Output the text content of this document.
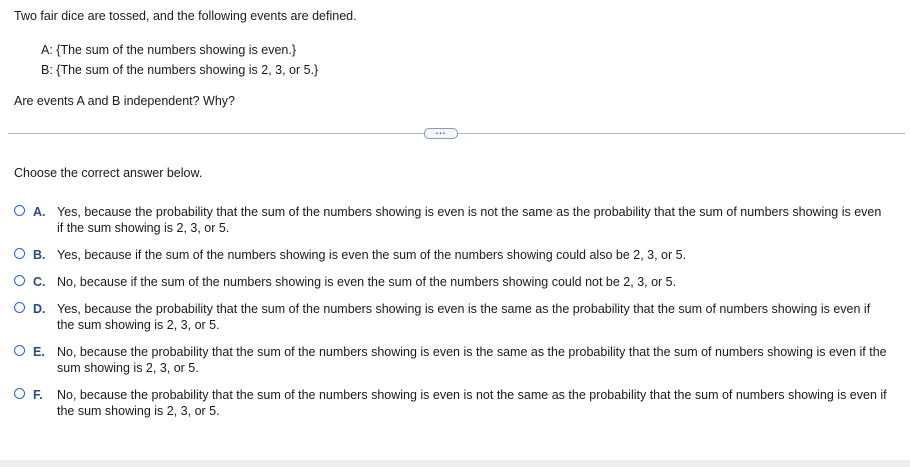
Two fair dice are tossed, and the following events are defined.
A: {The sum of the numbers showing is even.}
B: {The sum of the numbers showing is 2, 3, or 5.}
Are events A and B independent? Why?
...
Choose the correct answer below.
A. Yes, because the probability that the sum of the numbers showing is even is not the same as the probability that the sum of numbers showing is even if the sum showing is 2, 3, or 5.
B. Yes, because if the sum of the numbers showing is even the sum of the numbers showing could also be 2, 3, or 5.
C. No, because if the sum of the numbers showing is even the sum of the numbers showing could not be 2, 3, or 5.
D. Yes, because the probability that the sum of the numbers showing is even is the same as the probability that the sum of numbers showing is even if the sum showing is 2, 3, or 5.
E. No, because the probability that the sum of the numbers showing is even is the same as the probability that the sum of numbers showing is even if the sum showing is 2, 3, or 5.
F.	No, because the probability that the sum of the numbers showing is even is not the same as the probability that the sum of numbers showing is even if the sum showing is 2, 3, or 5.
